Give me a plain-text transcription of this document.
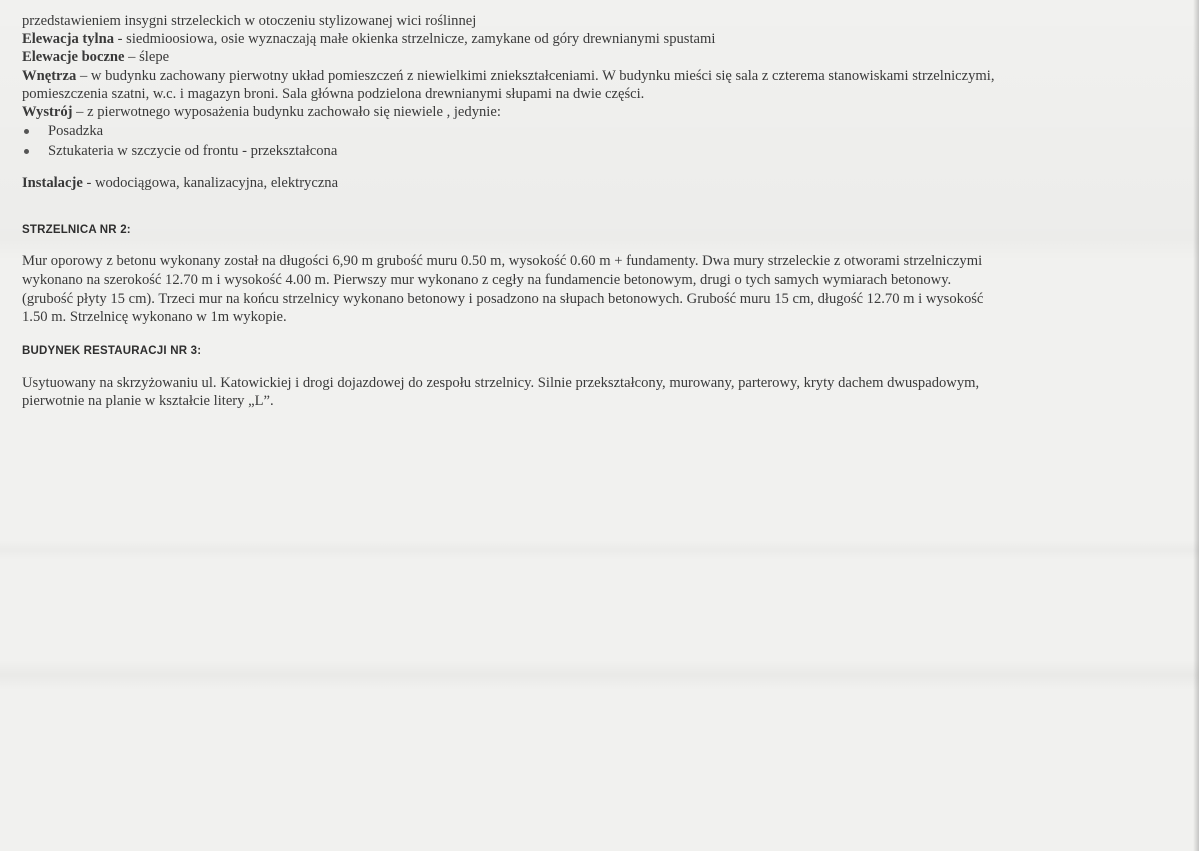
przedstawieniem insygni strzeleckich w otoczeniu stylizowanej wici roślinnej
Elewacja tylna - siedmioosiowa, osie wyznaczają małe okienka strzelnicze, zamykane od góry drewnianymi spustami
Elewacje boczne – ślepe
Wnętrza – w budynku zachowany pierwotny układ pomieszczeń z niewielkimi zniekształceniami. W budynku mieści się sala z czterema stanowiskami strzelniczymi,
pomieszczenia szatni, w.c. i magazyn broni. Sala główna podzielona drewnianymi słupami na dwie części.
Wystrój – z pierwotnego wyposażenia budynku zachowało się niewiele , jedynie:
Posadzka
Sztukateria w szczycie od frontu - przekształcona
Instalacje - wodociągowa, kanalizacyjna, elektryczna
STRZELNICA NR 2:
Mur oporowy z betonu wykonany został na długości 6,90 m grubość muru 0.50 m, wysokość 0.60 m + fundamenty. Dwa mury strzeleckie z otworami strzelniczymi
wykonano na szerokość 12.70 m i wysokość 4.00 m. Pierwszy mur wykonano z cegły na fundamencie betonowym, drugi o tych samych wymiarach betonowy.
(grubość płyty 15 cm). Trzeci mur na końcu strzelnicy wykonano betonowy i posadzono na słupach betonowych. Grubość muru 15 cm, długość 12.70 m i wysokość
1.50 m. Strzelnicę wykonano w 1m wykopie.
BUDYNEK RESTAURACJI NR 3:
Usytuowany na skrzyżowaniu ul. Katowickiej i drogi dojazdowej do zespołu strzelnicy. Silnie przekształcony, murowany, parterowy, kryty dachem dwuspadowym,
pierwotnie na planie w kształcie litery „L”.
